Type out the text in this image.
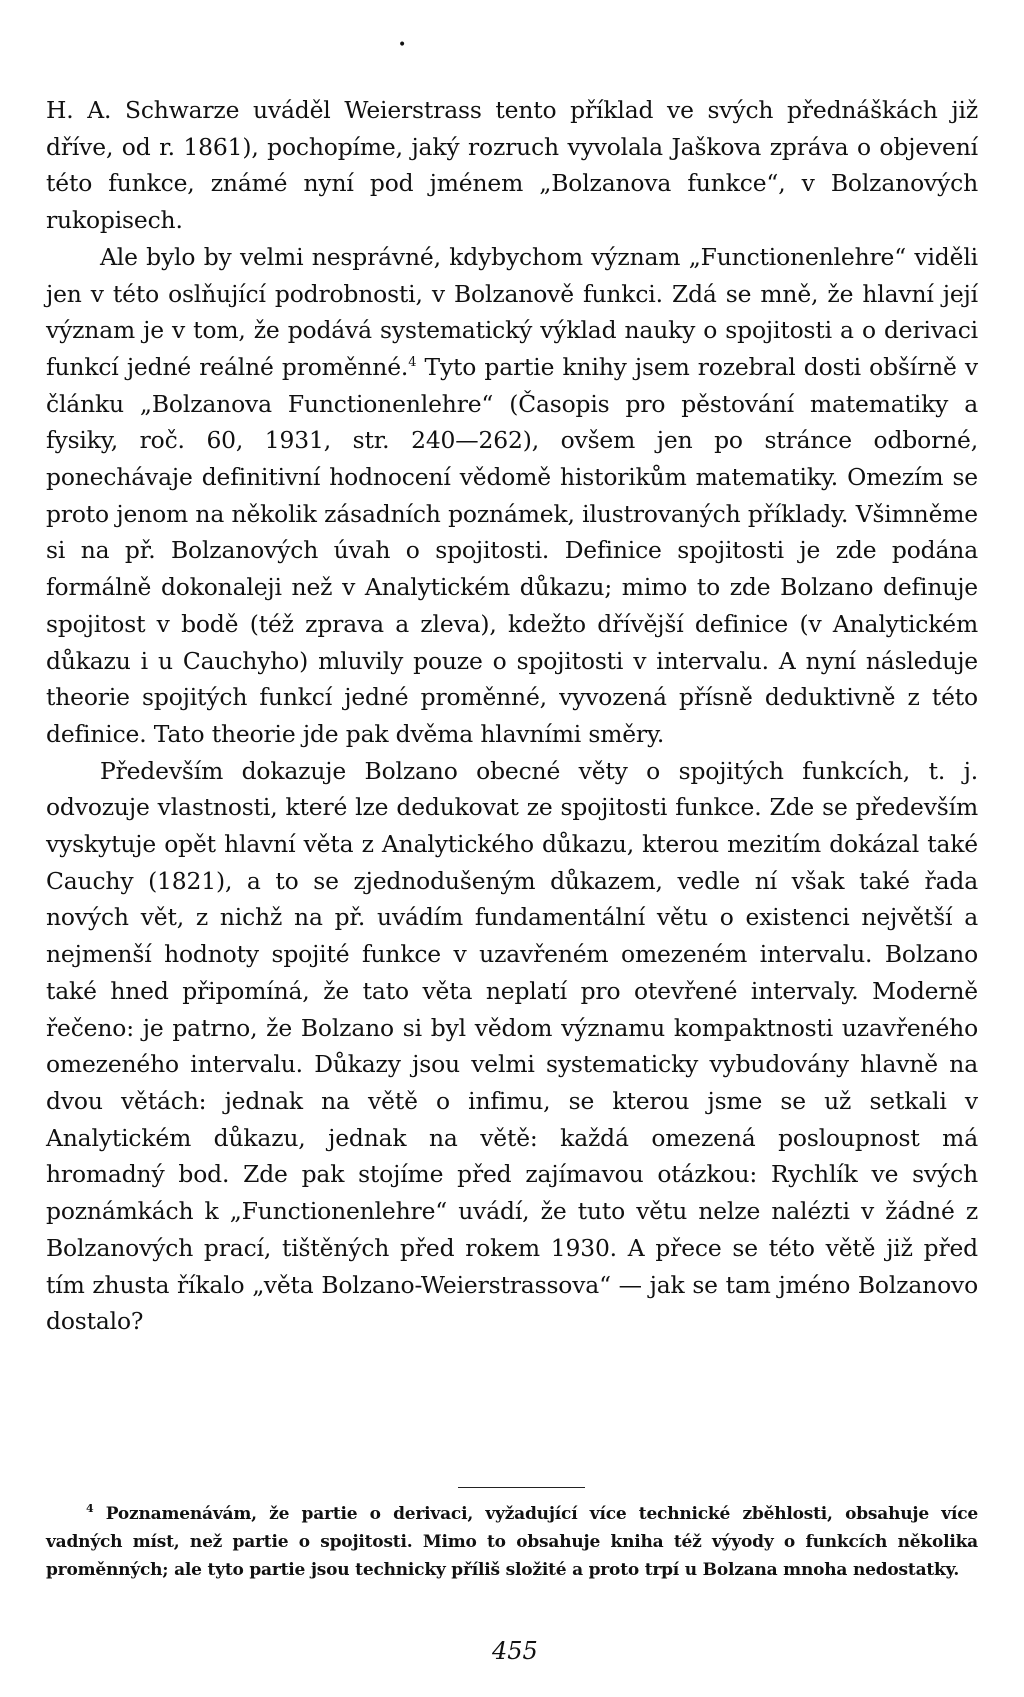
•

H. A. Schwarze uváděl Weierstrass tento příklad ve svých přednáškách již dříve, od r. 1861), pochopíme, jaký rozruch vyvolala Jaškova zpráva o objevení této funkce, známé nyní pod jménem „Bolzanova funkce“, v Bolzanových rukopisech.

Ale bylo by velmi nesprávné, kdybychom význam „Functionenlehre“ viděli jen v této oslňující podrobnosti, v Bolzanově funkci. Zdá se mně, že hlavní její význam je v tom, že podává systematický výklad nauky o spojitosti a o derivaci funkcí jedné reálné proměnné.$^4$ Tyto partie knihy jsem rozebral dosti obšírně v článku „Bolzanova Functionenlehre“ (Časopis pro pěstování matematiky a fysiky, roč. 60, 1931, str. 240—262), ovšem jen po stránce odborné, ponechávaje definitivní hodnocení vědomě historikům matematiky. Omezím se proto jenom na několik zásadních poznámek, ilustrovaných příklady. Všimněme si na př. Bolzanových úvah o spojitosti. Definice spojitosti je zde podána formálně dokonaleji než v Analytickém důkazu; mimo to zde Bolzano definuje spojitost v bodě (též zprava a zleva), kdežto dřívější definice (v Analytickém důkazu i u Cauchyho) mluvily pouze o spojitosti v intervalu. A nyní následuje theorie spojitých funkcí jedné proměnné, vyvozená přísně deduktivně z této definice. Tato theorie jde pak dvěma hlavními směry.

Především dokazuje Bolzano obecné věty o spojitých funkcích, t. j. odvozuje vlastnosti, které lze dedukovat ze spojitosti funkce. Zde se především vyskytuje opět hlavní věta z Analytického důkazu, kterou mezitím dokázal také Cauchy (1821), a to se zjednodušeným důkazem, vedle ní však také řada nových vět, z nichž na př. uvádím fundamentální větu o existenci největší a nejmenší hodnoty spojité funkce v uzavřeném omezeném intervalu. Bolzano také hned připomíná, že tato věta neplatí pro otevřené intervaly. Moderně řečeno: je patrno, že Bolzano si byl vědom významu kompaktnosti uzavřeného omezeného intervalu. Důkazy jsou velmi systematicky vybudovány hlavně na dvou větách: jednak na větě o infimu, se kterou jsme se už setkali v Analytickém důkazu, jednak na větě: každá omezená posloupnost má hromadný bod. Zde pak stojíme před zajímavou otázkou: Rychlík ve svých poznámkách k „Functionenlehre“ uvádí, že tuto větu nelze nalézti v žádné z Bolzanových prací, tištěných před rokem 1930. A přece se této větě již před tím zhusta říkalo „věta Bolzano-Weierstrassova“ — jak se tam jméno Bolzanovo dostalo?

$^4$ Poznamenávám, že partie o derivaci, vyžadující více technické zběhlosti, obsahuje více vadných míst, než partie o spojitosti. Mimo to obsahuje kniha též výyody o funkcích několika proměnných; ale tyto partie jsou technicky příliš složité a proto trpí u Bolzana mnoha nedostatky.
455
